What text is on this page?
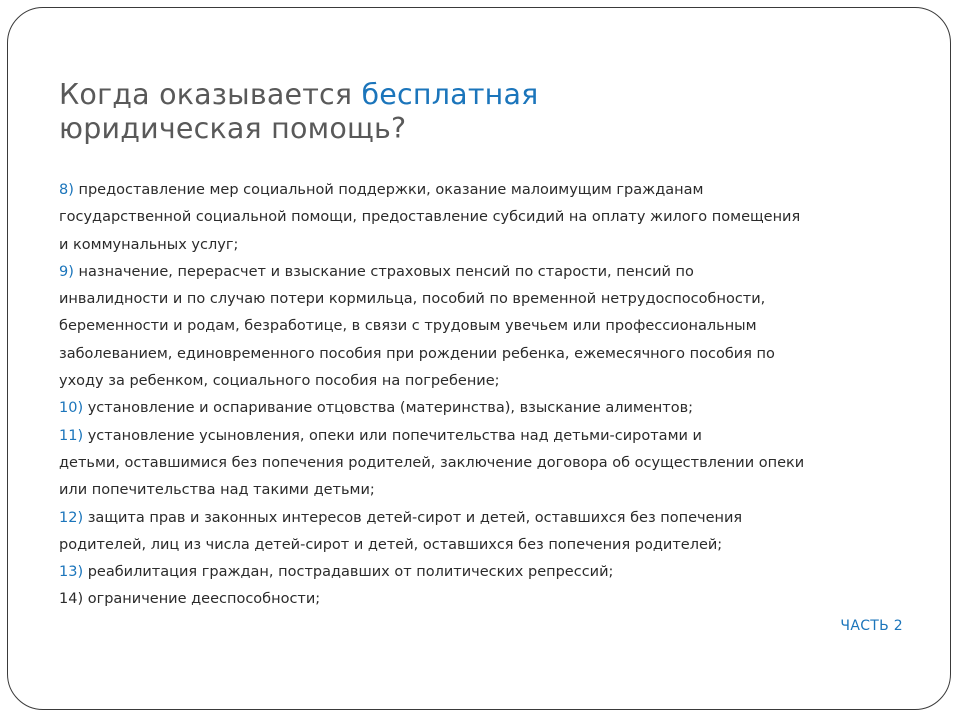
Когда оказывается бесплатная
юридическая помощь?

8) предоставление мер социальной поддержки, оказание малоимущим гражданам

государственной социальной помощи, предоставление субсидий на оплату жилого помещения

и коммунальных услуг;

9) назначение, перерасчет и взыскание страховых пенсий по старости, пенсий по

инвалидности и по случаю потери кормильца, пособий по временной нетрудоспособности,

беременности и родам, безработице, в связи с трудовым увечьем или профессиональным

заболеванием, единовременного пособия при рождении ребенка, ежемесячного пособия по

уходу за ребенком, социального пособия на погребение;

10) установление и оспаривание отцовства (материнства), взыскание алиментов;

11) установление усыновления, опеки или попечительства над детьми-сиротами и

детьми, оставшимися без попечения родителей, заключение договора об осуществлении опеки

или попечительства над такими детьми;

12) защита прав и законных интересов детей-сирот и детей, оставшихся без попечения

родителей, лиц из числа детей-сирот и детей, оставшихся без попечения родителей;

13) реабилитация граждан, пострадавших от политических репрессий;

14) ограничение дееспособности;

ЧАСТЬ 2
